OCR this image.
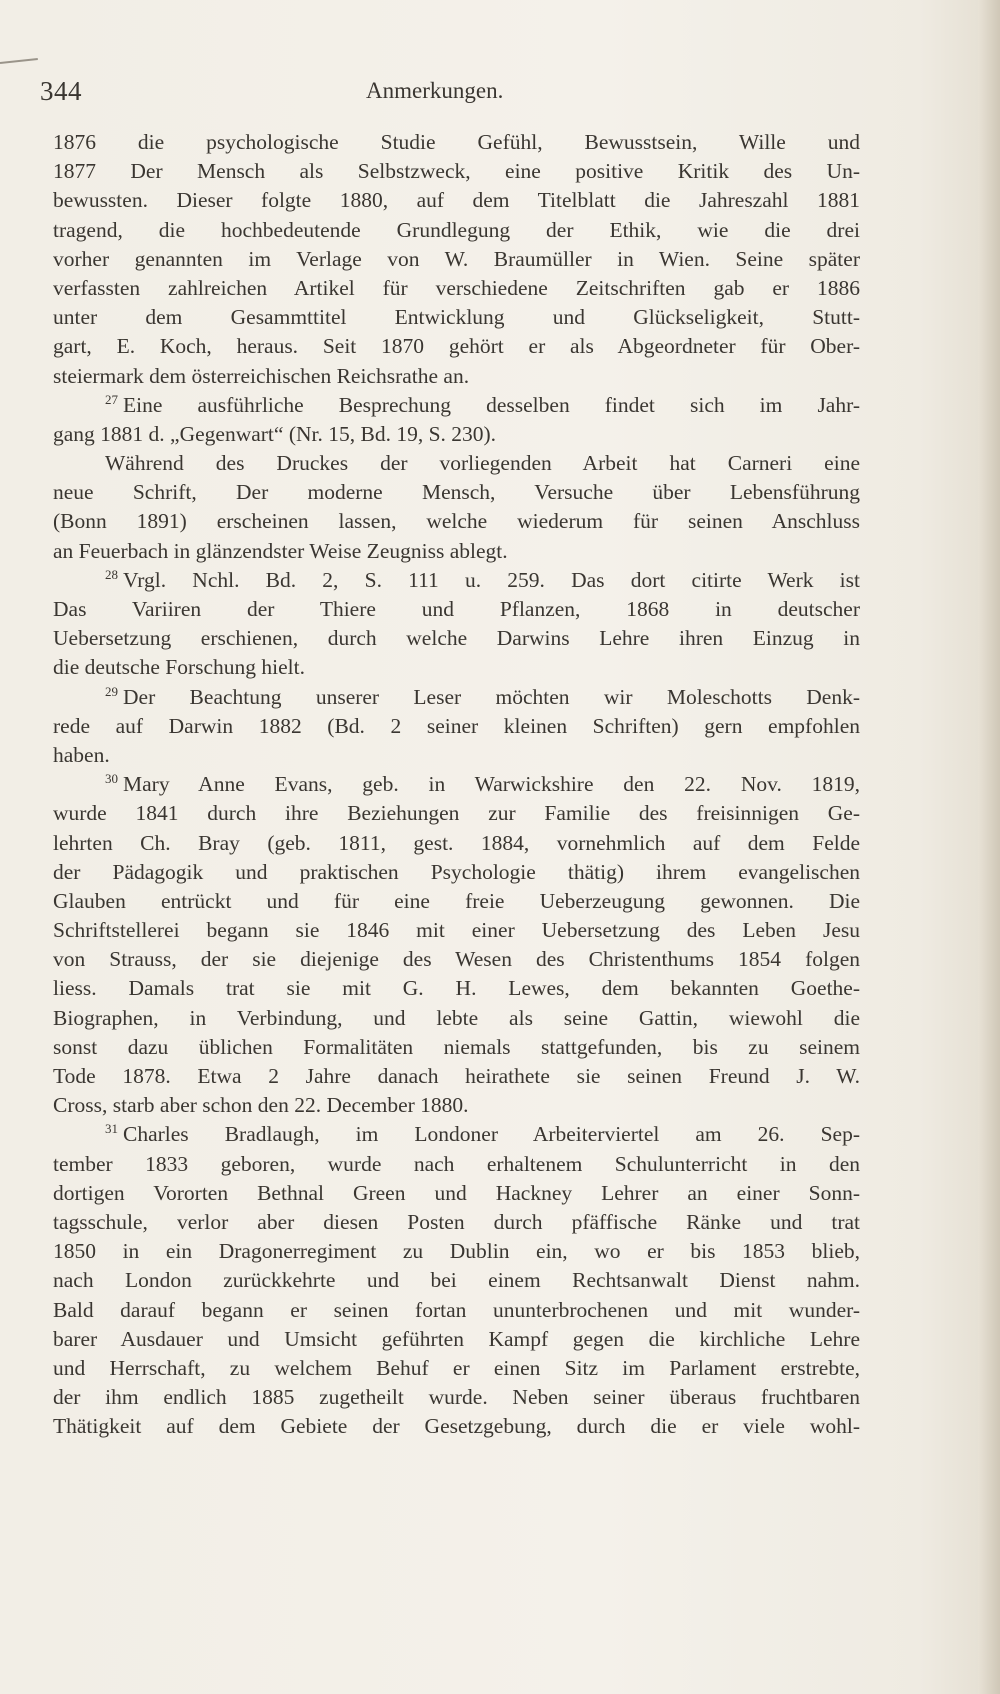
344	Anmerkungen.
1876 die psychologische Studie Gefühl, Bewusstsein, Wille und
1877 Der Mensch als Selbstzweck, eine positive Kritik des Un-
bewussten. Dieser folgte 1880, auf dem Titelblatt die Jahreszahl 1881
tragend, die hochbedeutende Grundlegung der Ethik, wie die drei
vorher genannten im Verlage von W. Braumüller in Wien. Seine später
verfassten zahlreichen Artikel für verschiedene Zeitschriften gab er 1886
unter dem Gesammttitel Entwicklung und Glückseligkeit, Stutt-
gart, E. Koch, heraus. Seit 1870 gehört er als Abgeordneter für Ober-
steiermark dem österreichischen Reichsrathe an.
$^{27}$ Eine ausführliche Besprechung desselben findet sich im Jahr-
gang 1881 d. „Gegenwart“ (Nr. 15, Bd. 19, S. 230).
Während des Druckes der vorliegenden Arbeit hat Carneri eine
neue Schrift, Der moderne Mensch, Versuche über Lebensführung
(Bonn 1891) erscheinen lassen, welche wiederum für seinen Anschluss
an Feuerbach in glänzendster Weise Zeugniss ablegt.
$^{28}$ Vrgl. Nchl. Bd. 2, S. 111 u. 259. Das dort citirte Werk ist
Das Variiren der Thiere und Pflanzen, 1868 in deutscher
Uebersetzung erschienen, durch welche Darwins Lehre ihren Einzug in
die deutsche Forschung hielt.
$^{29}$ Der Beachtung unserer Leser möchten wir Moleschotts Denk-
rede auf Darwin 1882 (Bd. 2 seiner kleinen Schriften) gern empfohlen
haben.
$^{30}$ Mary Anne Evans, geb. in Warwickshire den 22. Nov. 1819,
wurde 1841 durch ihre Beziehungen zur Familie des freisinnigen Ge-
lehrten Ch. Bray (geb. 1811, gest. 1884, vornehmlich auf dem Felde
der Pädagogik und praktischen Psychologie thätig) ihrem evangelischen
Glauben entrückt und für eine freie Ueberzeugung gewonnen. Die
Schriftstellerei begann sie 1846 mit einer Uebersetzung des Leben Jesu
von Strauss, der sie diejenige des Wesen des Christenthums 1854 folgen
liess. Damals trat sie mit G. H. Lewes, dem bekannten Goethe-
Biographen, in Verbindung, und lebte als seine Gattin, wiewohl die
sonst dazu üblichen Formalitäten niemals stattgefunden, bis zu seinem
Tode 1878. Etwa 2 Jahre danach heirathete sie seinen Freund J. W.
Cross, starb aber schon den 22. December 1880.
$^{31}$ Charles Bradlaugh, im Londoner Arbeiterviertel am 26. Sep-
tember 1833 geboren, wurde nach erhaltenem Schulunterricht in den
dortigen Vororten Bethnal Green und Hackney Lehrer an einer Sonn-
tagsschule, verlor aber diesen Posten durch pfäffische Ränke und trat
1850 in ein Dragonerregiment zu Dublin ein, wo er bis 1853 blieb,
nach London zurückkehrte und bei einem Rechtsanwalt Dienst nahm.
Bald darauf begann er seinen fortan ununterbrochenen und mit wunder-
barer Ausdauer und Umsicht geführten Kampf gegen die kirchliche Lehre
und Herrschaft, zu welchem Behuf er einen Sitz im Parlament erstrebte,
der ihm endlich 1885 zugetheilt wurde. Neben seiner überaus fruchtbaren
Thätigkeit auf dem Gebiete der Gesetzgebung, durch die er viele wohl-
